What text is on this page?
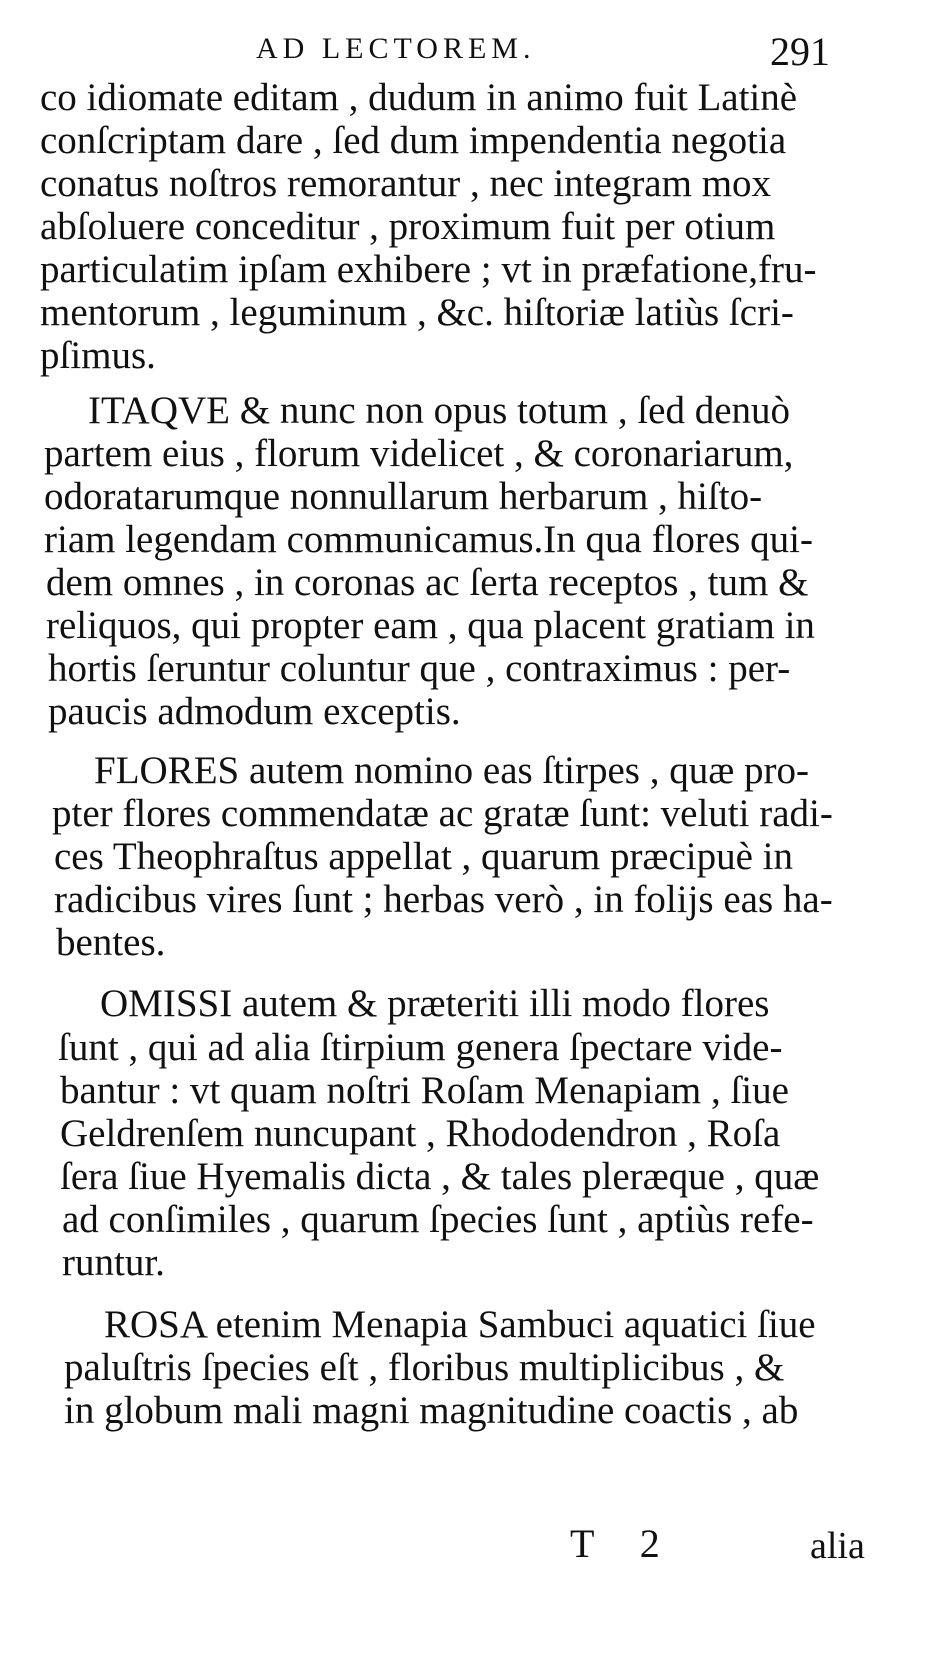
AD LECTOREM.	291
co idiomate editam , dudum in animo fuit Latinè
conſcriptam dare , ſed dum impendentia negotia
conatus noſtros remorantur , nec integram mox
abſoluere conceditur , proximum fuit per otium
particulatim ipſam exhibere ; vt in præfatione,fru-
mentorum , leguminum , &c. hiſtoriæ latiùs ſcri-
pſimus.
ITAQVE & nunc non opus totum , ſed denuò
partem eius , florum videlicet , & coronariarum,
odoratarumque nonnullarum herbarum , hiſto-
riam legendam communicamus.In qua flores qui-
dem omnes , in coronas ac ſerta receptos , tum &
reliquos, qui propter eam , qua placent gratiam in
hortis ſeruntur coluntur que , contraximus : per-
paucis admodum exceptis.
FLORES autem nomino eas ſtirpes , quæ pro-
pter flores commendatæ ac gratæ ſunt: veluti radi-
ces Theophraſtus appellat , quarum præcipuè in
radicibus vires ſunt ; herbas verò , in folijs eas ha-
bentes.
OMISSI autem & præteriti illi modo flores
ſunt , qui ad alia ſtirpium genera ſpectare vide-
bantur : vt quam noſtri Roſam Menapiam , ſiue
Geldrenſem nuncupant , Rhododendron , Roſa
ſera ſiue Hyemalis dicta , & tales pleræque , quæ
ad conſimiles , quarum ſpecies ſunt , aptiùs refe-
runtur.
ROSA etenim Menapia Sambuci aquatici ſiue
paluſtris ſpecies eſt , floribus multiplicibus , &
in globum mali magni magnitudine coactis , ab
T 2	alia
